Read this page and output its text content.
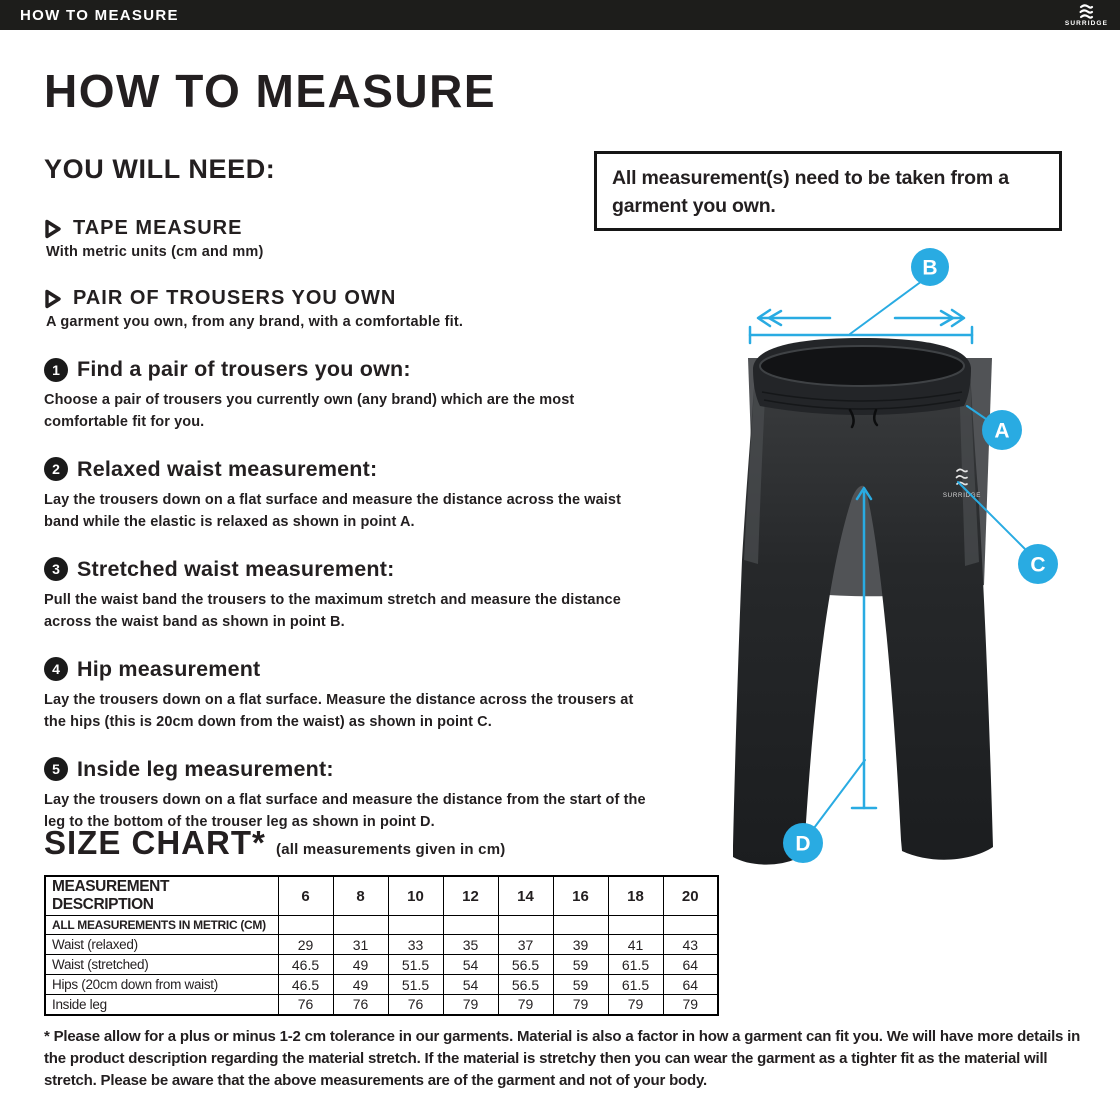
HOW TO MEASURE
SURRIDGE
HOW TO MEASURE
YOU WILL NEED:
TAPE MEASURE

With metric units (cm and mm)

PAIR OF TROUSERS YOU OWN

A garment you own, from any brand, with a comfortable fit.

1 Find a pair of trousers you own:

Choose a pair of trousers you currently own (any brand) which are the most comfortable fit for you.

2 Relaxed waist measurement:

Lay the trousers down on a flat surface and measure the distance across the waist band while the elastic is relaxed as shown in point A.

3 Stretched waist measurement:

Pull the waist band the trousers to the maximum stretch and measure the distance across the waist band as shown in point B.

4 Hip measurement

Lay the trousers down on a flat surface. Measure the distance across the trousers at the hips (this is 20cm down from the waist) as shown in point C.

5 Inside leg measurement:

Lay the trousers down on a flat surface and measure the distance from the start of the leg to the bottom of the trouser leg as shown in point D.

All measurement(s) need to be taken from a garment you own.

SURRIDGE
B
A
C
D
SIZE CHART* (all measurements given in cm)
MEASUREMENT DESCRIPTION	6	8	10	12	14	16	18	20
ALL MEASUREMENTS IN METRIC (CM)								
Waist (relaxed)	29	31	33	35	37	39	41	43
Waist (stretched)	46.5	49	51.5	54	56.5	59	61.5	64
Hips (20cm down from waist)	46.5	49	51.5	54	56.5	59	61.5	64
Inside leg	76	76	76	79	79	79	79	79

* Please allow for a plus or minus 1-2 cm tolerance in our garments. Material is also a factor in how a garment can fit you. We will have more details in the product description regarding the material stretch. If the material is stretchy then you can wear the garment as a tighter fit as the material will stretch. Please be aware that the above measurements are of the garment and not of your body.
